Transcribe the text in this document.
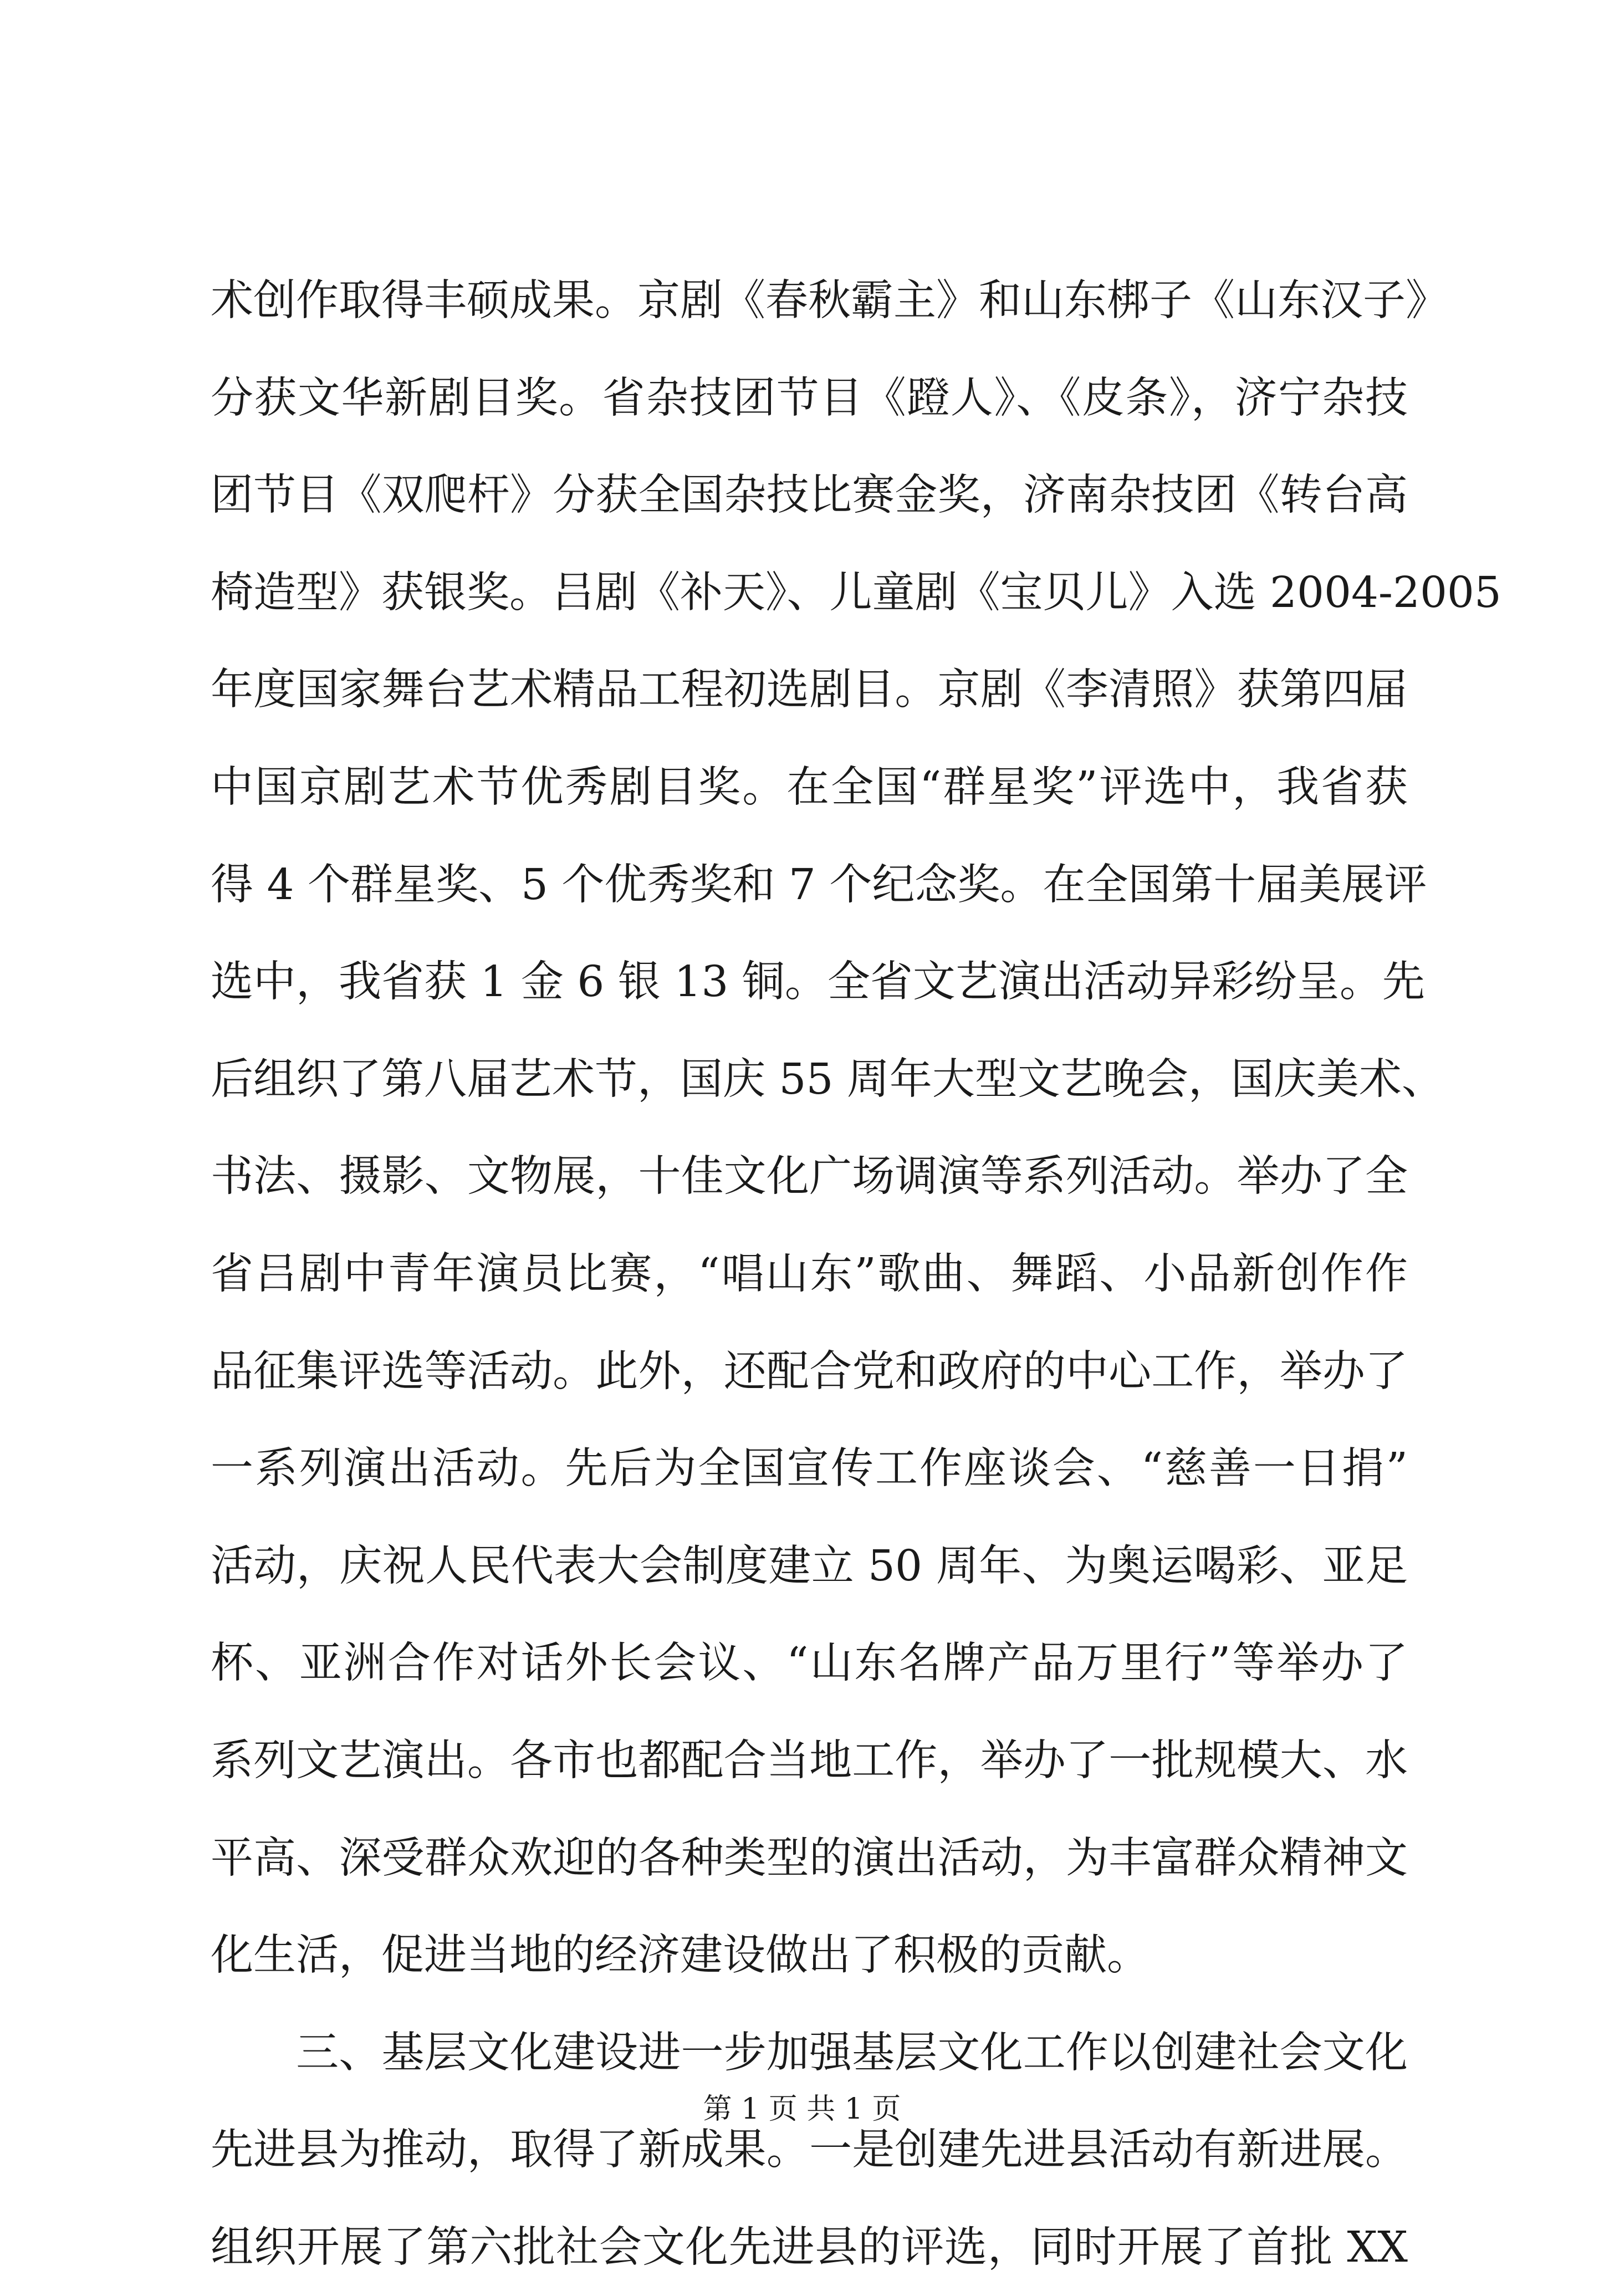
术创作取得丰硕成果。京剧《春秋霸主》和山东梆子《山东汉子》
分获文华新剧目奖。省杂技团节目《蹬人》、《皮条》，济宁杂技
团节目《双爬杆》分获全国杂技比赛金奖，济南杂技团《转台高
椅造型》获银奖。吕剧《补天》、儿童剧《宝贝儿》入选 2004-2005
年度国家舞台艺术精品工程初选剧目。京剧《李清照》获第四届
中国京剧艺术节优秀剧目奖。在全国“群星奖”评选中，我省获
得 4 个群星奖、5 个优秀奖和 7 个纪念奖。在全国第十届美展评
选中，我省获 1 金 6 银 13 铜。全省文艺演出活动异彩纷呈。先
后组织了第八届艺术节，国庆 55 周年大型文艺晚会，国庆美术、
书法、摄影、文物展，十佳文化广场调演等系列活动。举办了全
省吕剧中青年演员比赛，“唱山东”歌曲、舞蹈、小品新创作作
品征集评选等活动。此外，还配合党和政府的中心工作，举办了
一系列演出活动。先后为全国宣传工作座谈会、“慈善一日捐”
活动，庆祝人民代表大会制度建立 50 周年、为奥运喝彩、亚足
杯、亚洲合作对话外长会议、“山东名牌产品万里行”等举办了
系列文艺演出。各市也都配合当地工作，举办了一批规模大、水
平高、深受群众欢迎的各种类型的演出活动，为丰富群众精神文
化生活，促进当地的经济建设做出了积极的贡献。
三、基层文化建设进一步加强基层文化工作以创建社会文化
先进县为推动，取得了新成果。一是创建先进县活动有新进展。
组织开展了第六批社会文化先进县的评选，同时开展了首批 XX
第 1 页 共 1 页
